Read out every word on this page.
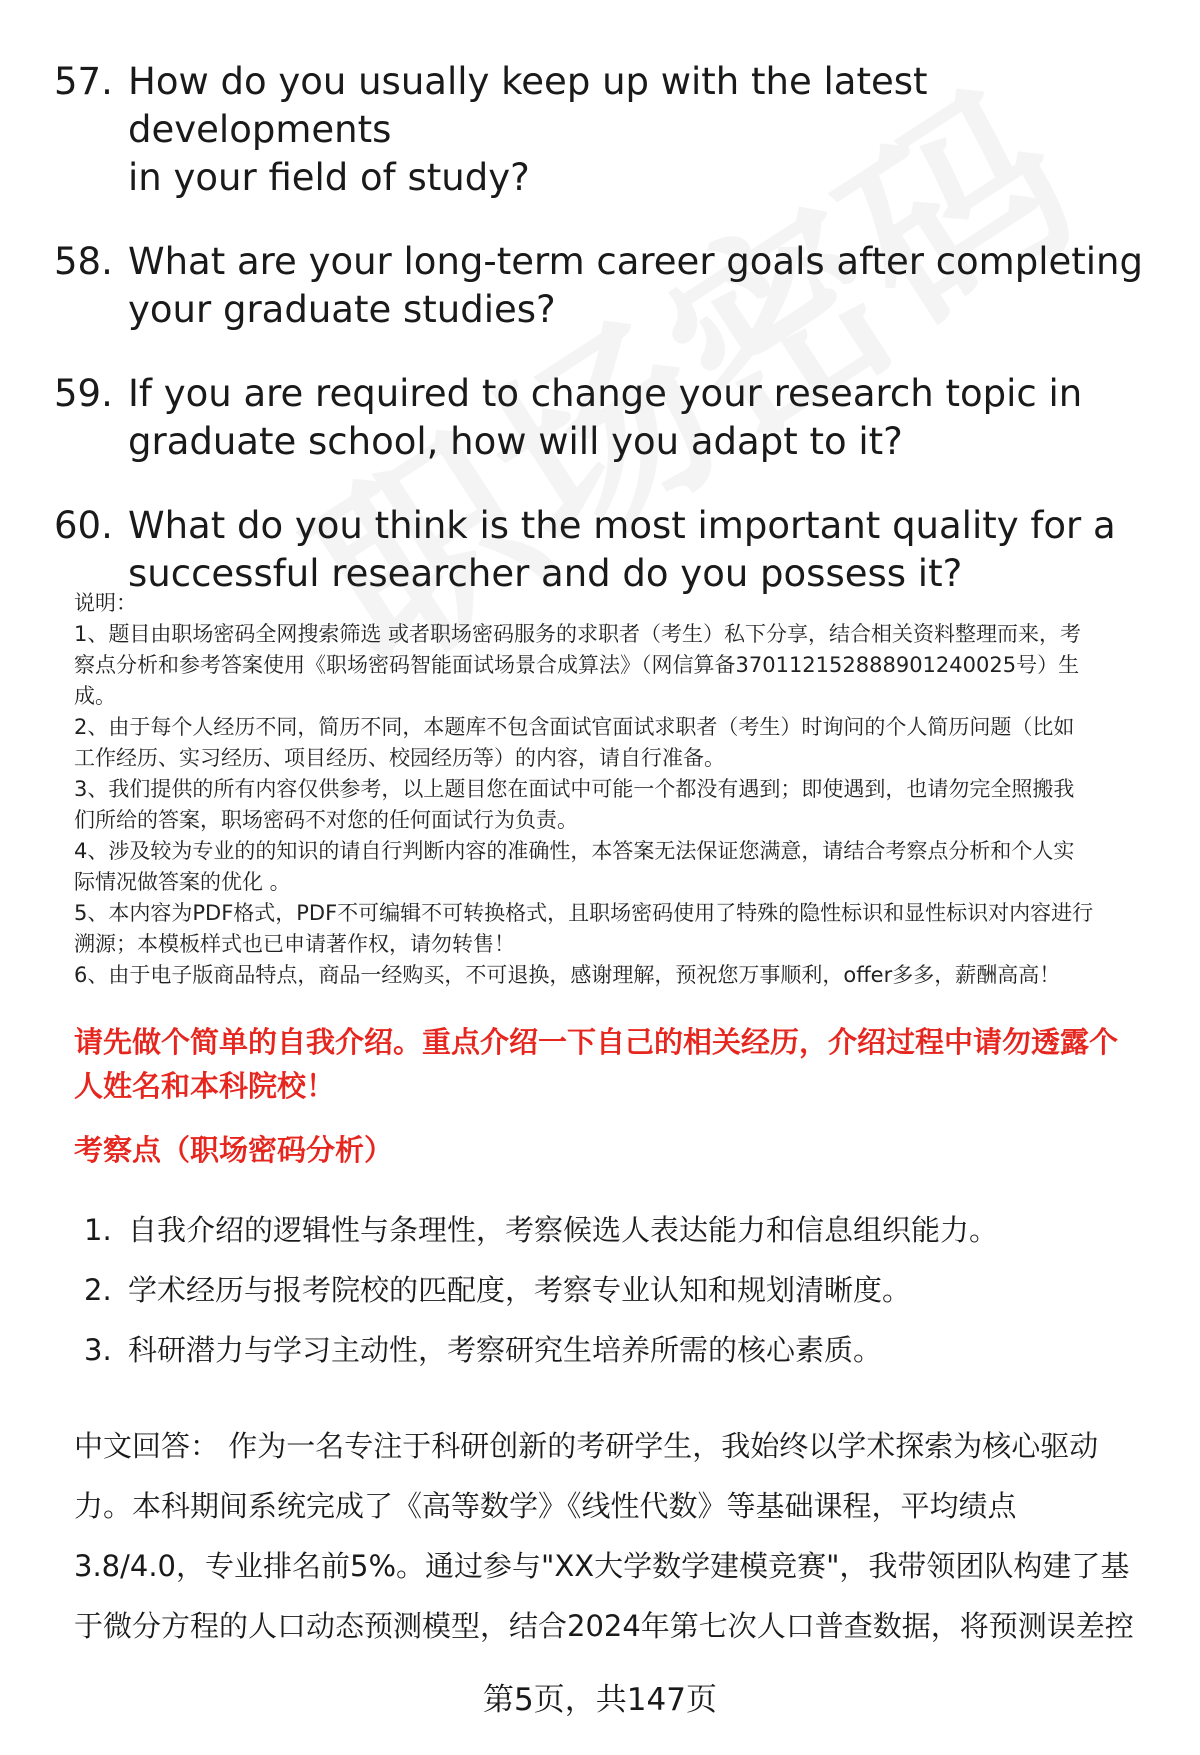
57. How do you usually keep up with the latest developments
in your field of study?
58. What are your long-term career goals after completing
your graduate studies?
59. If you are required to change your research topic in
graduate school, how will you adapt to it?
60. What do you think is the most important quality for a
successful researcher and do you possess it?

说明：

1、题目由职场密码全网搜索筛选 或者职场密码服务的求职者（考生）私下分享，结合相关资料整理而来，考

察点分析和参考答案使用《职场密码智能面试场景合成算法》（网信算备370112152888901240025号）生

成。

2、由于每个人经历不同，简历不同，本题库不包含面试官面试求职者（考生）时询问的个人简历问题（比如

工作经历、实习经历、项目经历、校园经历等）的内容，请自行准备。

3、我们提供的所有内容仅供参考，以上题目您在面试中可能一个都没有遇到；即使遇到，也请勿完全照搬我

们所给的答案，职场密码不对您的任何面试行为负责。

4、涉及较为专业的的知识的请自行判断内容的准确性，本答案无法保证您满意，请结合考察点分析和个人实

际情况做答案的优化 。

5、本内容为PDF格式，PDF不可编辑不可转换格式，且职场密码使用了特殊的隐性标识和显性标识对内容进行

溯源；本模板样式也已申请著作权，请勿转售！

6、由于电子版商品特点，商品一经购买，不可退换，感谢理解，预祝您万事顺利，offer多多，薪酬高高！

请先做个简单的自我介绍。重点介绍一下自己的相关经历，介绍过程中请勿透露个
人姓名和本科院校！
考察点（职场密码分析）
1. 自我介绍的逻辑性与条理性，考察候选人表达能力和信息组织能力。
2. 学术经历与报考院校的匹配度，考察专业认知和规划清晰度。
3. 科研潜力与学习主动性，考察研究生培养所需的核心素质。
中文回答： 作为一名专注于科研创新的考研学生，我始终以学术探索为核心驱动
力。本科期间系统完成了《高等数学》《线性代数》等基础课程，平均绩点
3.8/4.0，专业排名前5%。通过参与"XX大学数学建模竞赛"，我带领团队构建了基
于微分方程的人口动态预测模型，结合2024年第七次人口普查数据，将预测误差控
第5页，共147页
